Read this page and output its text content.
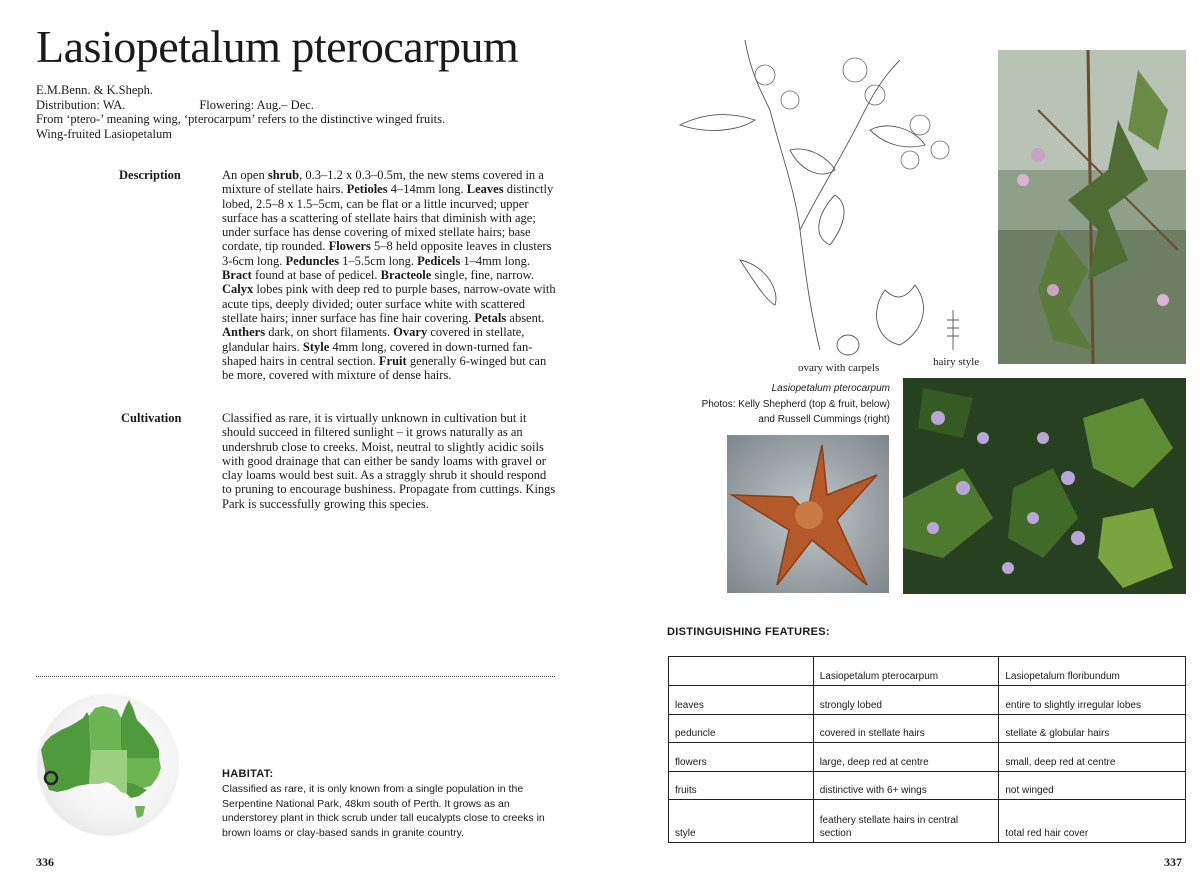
Lasiopetalum pterocarpum
E.M.Benn. & K.Sheph.
Distribution: WA.	Flowering: Aug.– Dec.
From ‘ptero-’ meaning wing, ‘pterocarpum’ refers to the distinctive winged fruits.
Wing-fruited Lasiopetalum
Description	An open shrub, 0.3–1.2 x 0.3–0.5m, the new stems covered in a mixture of stellate hairs. Petioles 4–14mm long. Leaves distinctly lobed, 2.5–8 x 1.5–5cm, can be flat or a little incurved; upper surface has a scattering of stellate hairs that diminish with age; under surface has dense covering of mixed stellate hairs; base cordate, tip rounded. Flowers 5–8 held opposite leaves in clusters 3-6cm long. Peduncles 1–5.5cm long. Pedicels 1–4mm long. Bract found at base of pedicel. Bracteole single, fine, narrow. Calyx lobes pink with deep red to purple bases, narrow-ovate with acute tips, deeply divided; outer surface white with scattered stellate hairs; inner surface has fine hair covering. Petals absent. Anthers dark, on short filaments. Ovary covered in stellate, glandular hairs. Style 4mm long, covered in down-turned fan-shaped hairs in central section. Fruit generally 6-winged but can be more, covered with mixture of dense hairs.
Cultivation	Classified as rare, it is virtually unknown in cultivation but it should succeed in filtered sunlight – it grows naturally as an undershrub close to creeks. Moist, neutral to slightly acidic soils with good drainage that can either be sandy loams with gravel or clay loams would best suit. As a straggly shrub it should respond to pruning to encourage bushiness. Propagate from cuttings. Kings Park is successfully growing this species.
HABITAT:
Classified as rare, it is only known from a single population in the Serpentine National Park, 48km south of Perth. It grows as an understorey plant in thick scrub under tall eucalypts close to creeks in brown loams or clay-based sands in granite country.
336
ovary with carpels	hairy style
Lasiopetalum pterocarpum
Photos: Kelly Shepherd (top & fruit, below)
and Russell Cummings (right)
DISTINGUISHING FEATURES:
	Lasiopetalum pterocarpum	Lasiopetalum floribundum
leaves	strongly lobed	entire to slightly irregular lobes
peduncle	covered in stellate hairs	stellate & globular hairs
flowers	large, deep red at centre	small, deep red at centre
fruits	distinctive with 6+ wings	not winged
style	feathery stellate hairs in central section	total red hair cover
337
